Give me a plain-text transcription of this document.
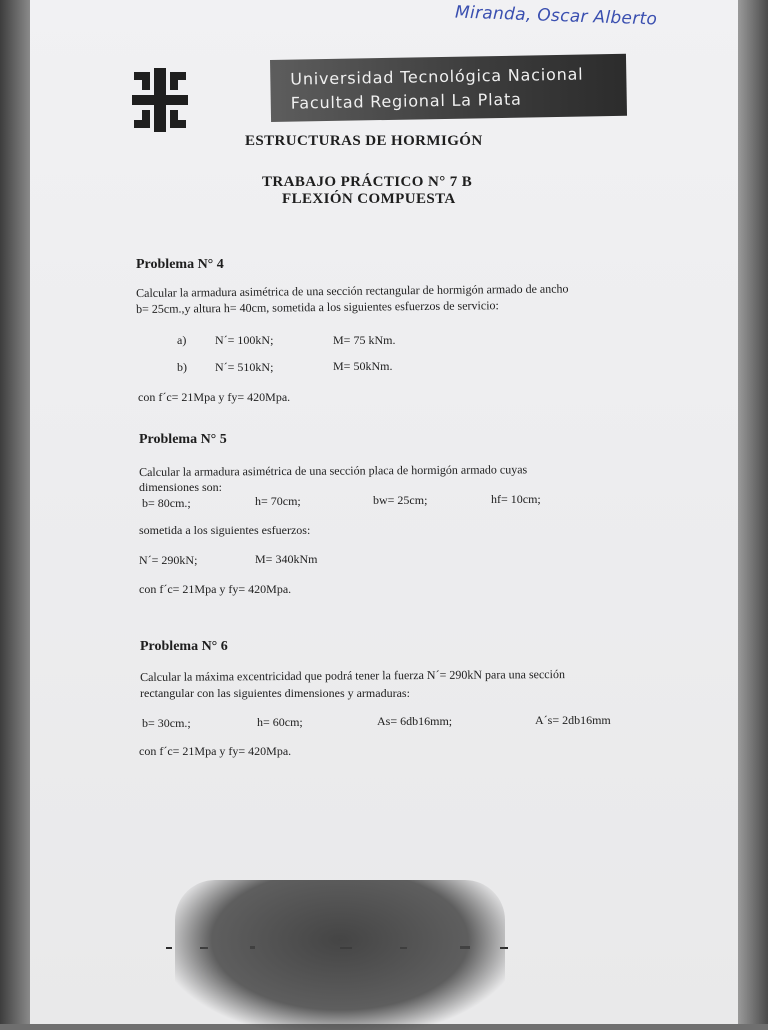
Miranda, Oscar Alberto
Universidad Tecnológica Nacional
Facultad Regional La Plata
ESTRUCTURAS DE HORMIGÓN
TRABAJO PRÁCTICO N° 7 B
FLEXIÓN COMPUESTA
Problema N° 4
Calcular la armadura asimétrica de una sección rectangular de hormigón armado de ancho
b= 25cm.,y altura h= 40cm, sometida a los siguientes esfuerzos de servicio:
a) N´= 100kN;	M= 75 kNm.
b) N´= 510kN;	M= 50kNm.
con f´c= 21Mpa y fy= 420Mpa.
Problema N° 5
Calcular la armadura asimétrica de una sección placa de hormigón armado cuyas
dimensiones son:
b= 80cm.;	h= 70cm;	bw= 25cm;	hf= 10cm;
sometida a los siguientes esfuerzos:
N´= 290kN;	M= 340kNm
con f´c= 21Mpa y fy= 420Mpa.
Problema N° 6
Calcular la máxima excentricidad que podrá tener la fuerza N´= 290kN para una sección
rectangular con las siguientes dimensiones y armaduras:
b= 30cm.;	h= 60cm;	As= 6db16mm;	A´s= 2db16mm
con f´c= 21Mpa y fy= 420Mpa.
